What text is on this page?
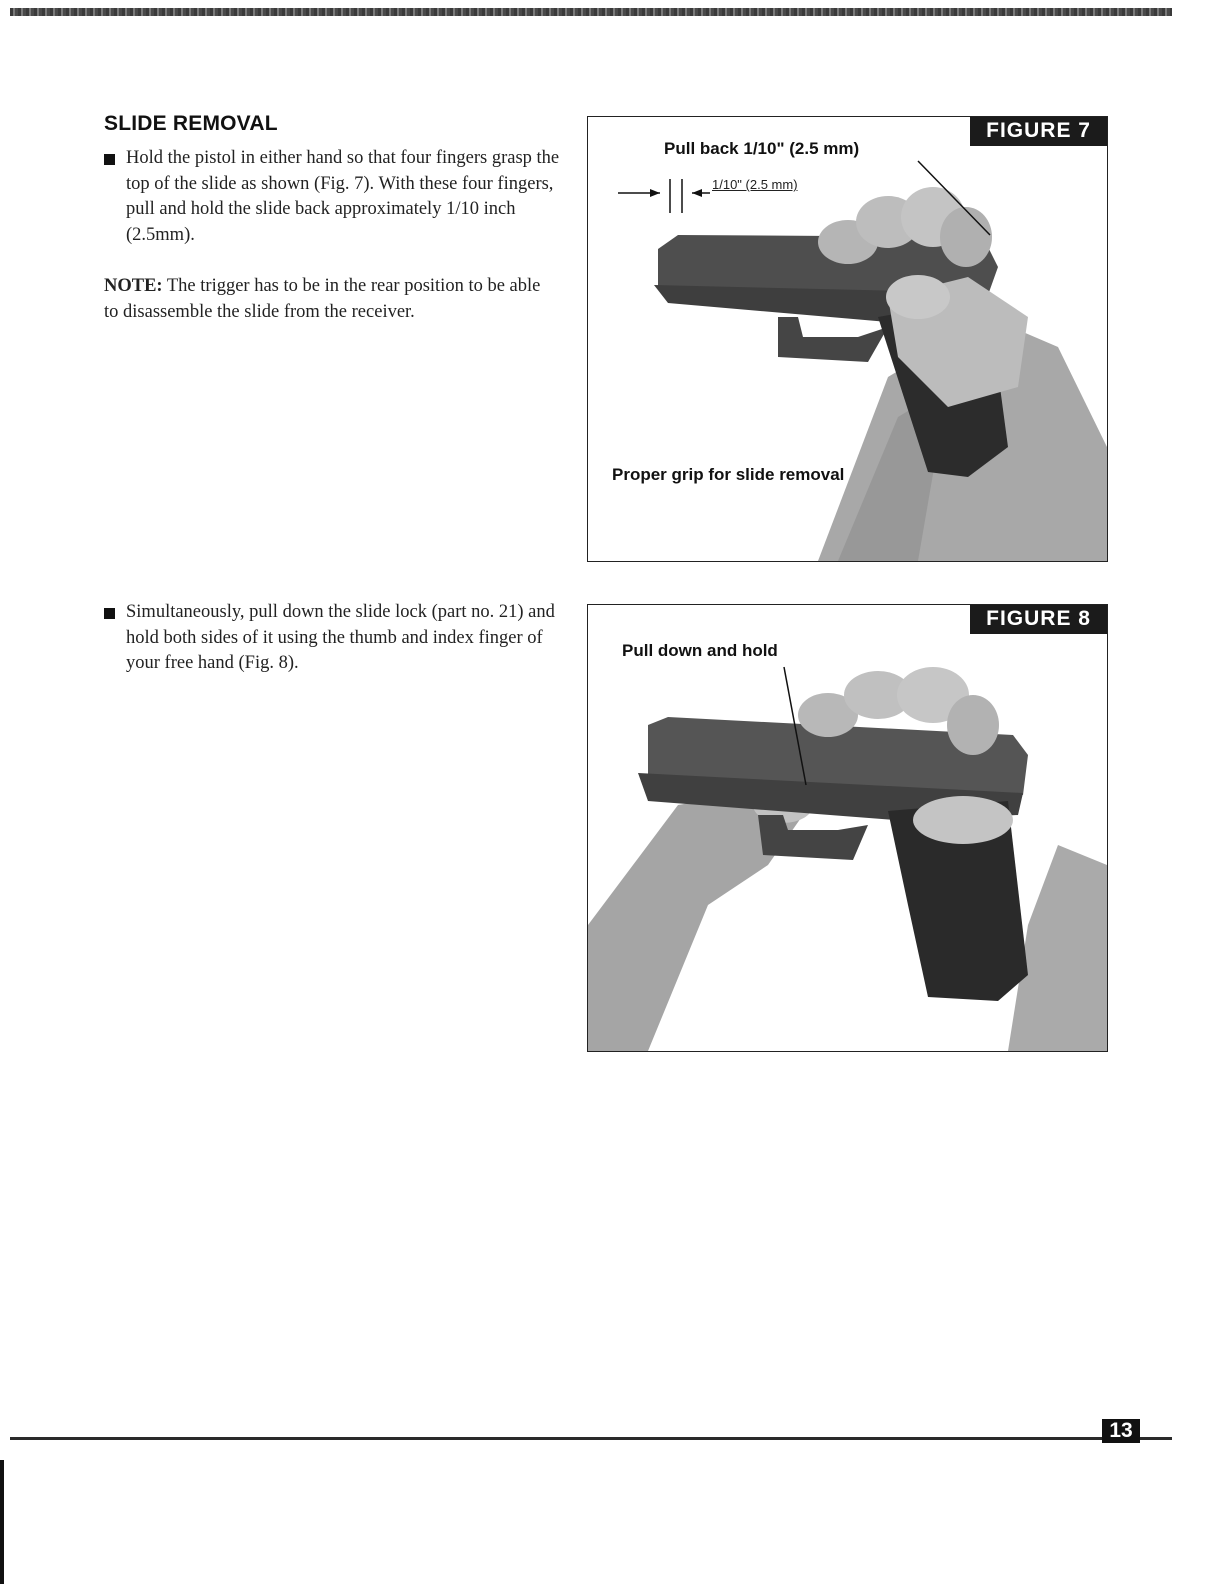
SLIDE REMOVAL
Hold the pistol in either hand so that four fingers grasp the top of the slide as shown (Fig. 7). With these four fingers, pull and hold the slide back approximately 1/10 inch (2.5mm).

NOTE: The trigger has to be in the rear position to be able to disassemble the slide from the receiver.

Simultaneously, pull down the slide lock (part no. 21) and hold both sides of it using the thumb and index finger of your free hand (Fig. 8).
FIGURE 7

Pull back 1/10" (2.5 mm)

1/10" (2.5 mm)

Proper grip for slide removal

FIGURE 8

Pull down and hold

13
